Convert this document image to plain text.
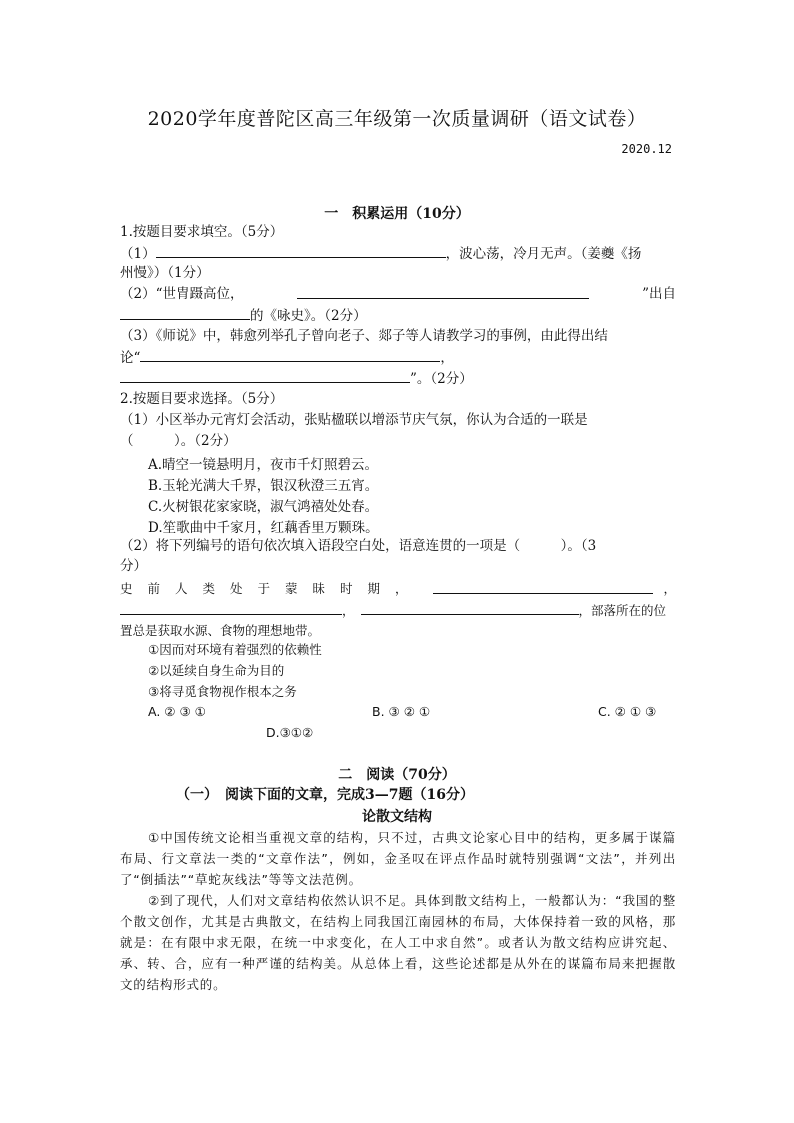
2020学年度普陀区高三年级第一次质量调研（语文试卷）
2020.12
一　积累运用（10分）
1.按题目要求填空。（5分）
（1）	，波心荡，冷月无声。（姜夔《扬
州慢》）（1分）
（2）“世胄蹑高位，	”出自
的《咏史》。（2分）
（3）《师说》中，韩愈列举孔子曾向老子、郯子等人请教学习的事例，由此得出结
论“	，
”。（2分）
2.按题目要求选择。（5分）
（1）小区举办元宵灯会活动，张贴楹联以增添节庆气氛，你认为合适的一联是
（　　　）。（2分）
A.晴空一镜悬明月，夜市千灯照碧云。
B.玉轮光满大千界，银汉秋澄三五宵。
C.火树银花家家晓，淑气鸿禧处处春。
D.笙歌曲中千家月，红藕香里万颗珠。
（2）将下列编号的语句依次填入语段空白处，语意连贯的一项是（　　　）。（3
分）
史前人类处于蒙昧时期，	，
，	，部落所在的位
置总是获取水源、食物的理想地带。
①因而对环境有着强烈的依赖性
②以延续自身生命为目的
③将寻觅食物视作根本之务
A. ② ③ ①	B. ③ ② ①	C. ② ① ③
D.③①②
二　阅读（70分）
（一）　阅读下面的文章，完成3—7题（16分）
论散文结构
①中国传统文论相当重视文章的结构，只不过，古典文论家心目中的结构，更多属于谋篇布局、行文章法一类的“文章作法”，例如，金圣叹在评点作品时就特别强调“文法”，并列出了“倒插法”“草蛇灰线法”等等文法范例。
②到了现代，人们对文章结构依然认识不足。具体到散文结构上，一般都认为：“我国的整个散文创作，尤其是古典散文，在结构上同我国江南园林的布局，大体保持着一致的风格，那就是：在有限中求无限，在统一中求变化，在人工中求自然”。或者认为散文结构应讲究起、承、转、合，应有一种严谨的结构美。从总体上看，这些论述都是从外在的谋篇布局来把握散文的结构形式的。
